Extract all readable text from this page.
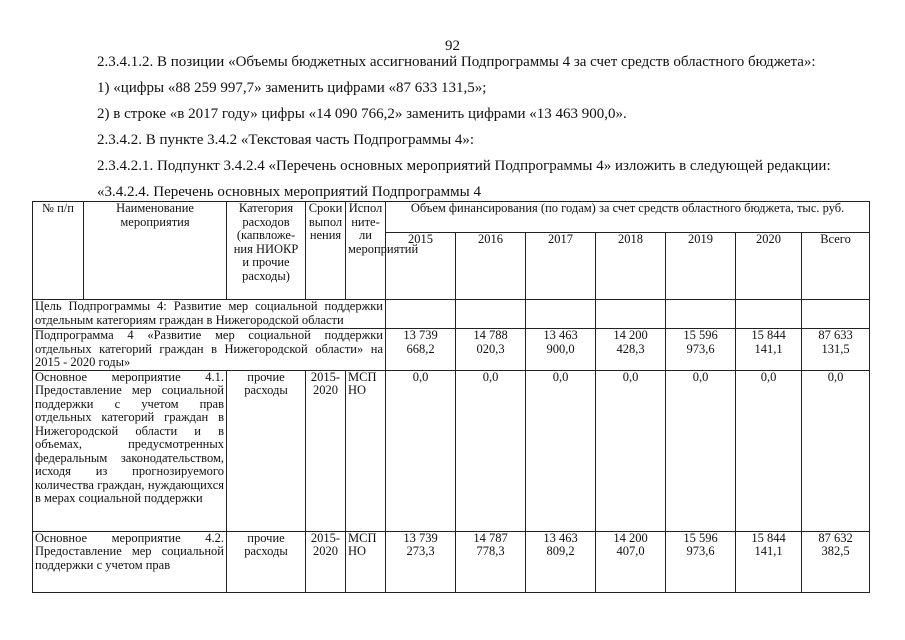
92
2.3.4.1.2. В позиции «Объемы бюджетных ассигнований Подпрограммы 4 за счет средств областного бюджета»:
1) «цифры «88 259 997,7» заменить цифрами «87 633 131,5»;
2) в строке «в 2017 году» цифры «14 090 766,2» заменить цифрами «13 463 900,0».
2.3.4.2. В пункте 3.4.2 «Текстовая часть Подпрограммы 4»:
2.3.4.2.1. Подпункт 3.4.2.4 «Перечень основных мероприятий Подпрограммы 4» изложить в следующей редакции:
«3.4.2.4. Перечень основных мероприятий Подпрограммы 4
№ п/п	Наименование мероприятия	Категория расходов (капвложе-ния НИОКР и прочие расходы)	Сроки выпол нения	Испол ните- ли мероприятий	Объем финансирования (по годам) за счет средств областного бюджета, тыс. руб.						
					2015	2016	2017	2018	2019	2020	Всего
Цель Подпрограммы 4: Развитие мер социальной поддержки отдельным категориям граждан в Нижегородской области											
Подпрограмма 4 «Развитие мер социальной поддержки отдельных категорий граждан в Нижегородской области» на 2015 - 2020 годы»					13 739 668,2	14 788 020,3	13 463 900,0	14 200 428,3	15 596 973,6	15 844 141,1	87 633 131,5
Основное мероприятие 4.1. Предоставление мер социальной поддержки с учетом прав отдельных категорий граждан в Нижегородской области и в объемах, предусмотренных федеральным законодательством, исходя из прогнозируемого количества граждан, нуждающихся в мерах социальной поддержки		прочие расходы	2015-2020	МСП НО	0,0	0,0	0,0	0,0	0,0	0,0	0,0
Основное мероприятие 4.2. Предоставление мер социальной поддержки с учетом прав		прочие расходы	2015-2020	МСП НО	13 739 273,3	14 787 778,3	13 463 809,2	14 200 407,0	15 596 973,6	15 844 141,1	87 632 382,5
